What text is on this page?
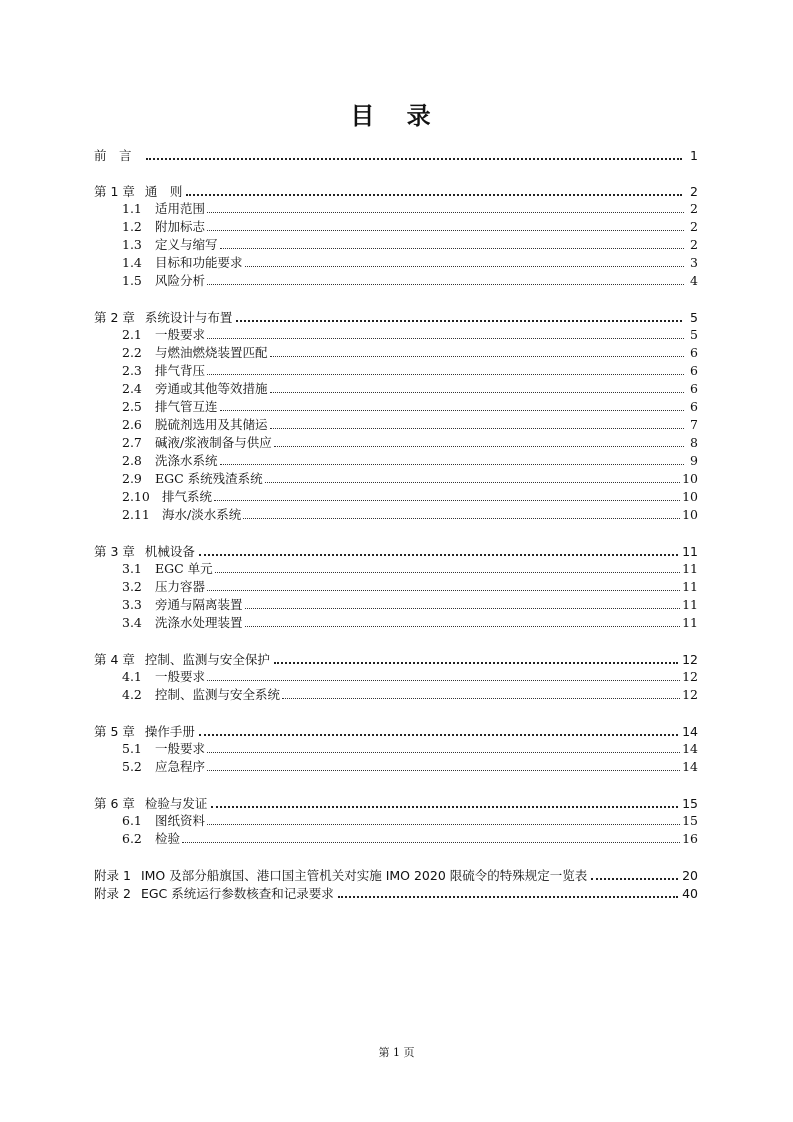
目 录
前　言	1
第 1 章 通　则	2
1.1	适用范围	2
1.2	附加标志	2
1.3	定义与缩写	2
1.4	目标和功能要求	3
1.5	风险分析	4
第 2 章 系统设计与布置	5
2.1	一般要求	5
2.2	与燃油燃烧装置匹配	6
2.3	排气背压	6
2.4	旁通或其他等效措施	6
2.5	排气管互连	6
2.6	脱硫剂选用及其储运	7
2.7	碱液/浆液制备与供应	8
2.8	洗涤水系统	9
2.9	EGC 系统残渣系统	10
2.10 排气系统	10
2.11 海水/淡水系统	10
第 3 章 机械设备	11
3.1	EGC 单元	11
3.2	压力容器	11
3.3	旁通与隔离装置	11
3.4	洗涤水处理装置	11
第 4 章 控制、监测与安全保护	12
4.1	一般要求	12
4.2	控制、监测与安全系统	12
第 5 章 操作手册	14
5.1	一般要求	14
5.2	应急程序	14
第 6 章 检验与发证	15
6.1	图纸资料	15
6.2	检验	16
附录 1 IMO 及部分船旗国、港口国主管机关对实施 IMO 2020 限硫令的特殊规定一览表	20
附录 2 EGC 系统运行参数核查和记录要求	40
第 1 页
